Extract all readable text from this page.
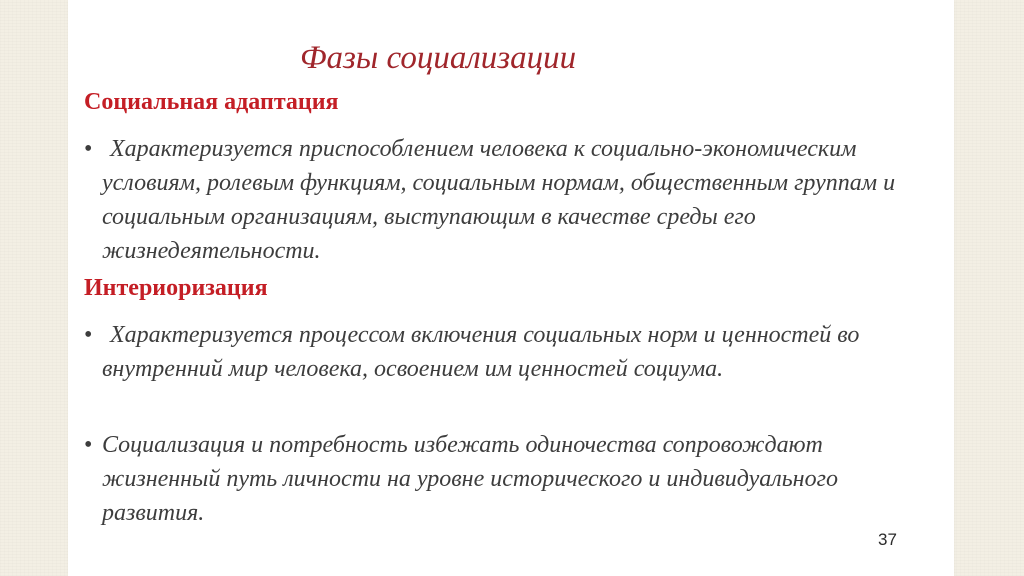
Фазы социализации
Социальная адаптация
• Характеризуется приспособлением человека к социально-экономическим условиям, ролевым функциям, социальным нормам, общественным группам и социальным организациям, выступающим в качестве среды его жизнедеятельности.
Интериоризация
• Характеризуется процессом включения социальных норм и ценностей во внутренний мир человека, освоением им ценностей социума.
• Социализация и потребность избежать одиночества сопровождают жизненный путь личности на уровне исторического и индивидуального развития.
37
